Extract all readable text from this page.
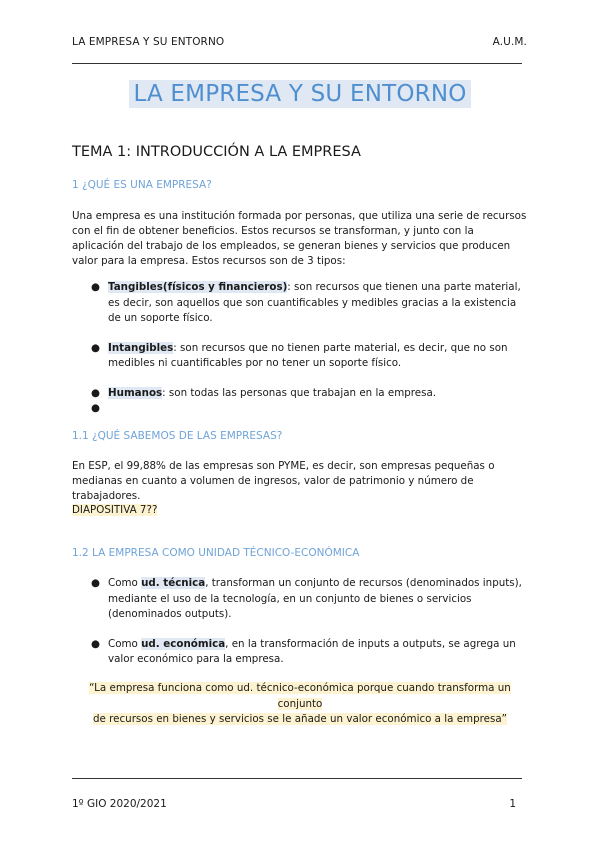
LA EMPRESA Y SU ENTORNO	A.U.M.
LA EMPRESA Y SU ENTORNO
TEMA 1: INTRODUCCIÓN A LA EMPRESA
1 ¿QUÉ ES UNA EMPRESA?
Una empresa es una institución formada por personas, que utiliza una serie de recursos con el fin de obtener beneficios. Estos recursos se transforman, y junto con la aplicación del trabajo de los empleados, se generan bienes y servicios que producen valor para la empresa. Estos recursos son de 3 tipos:
● Tangibles(físicos y financieros): son recursos que tienen una parte material, es decir, son aquellos que son cuantificables y medibles gracias a la existencia de un soporte físico.
● Intangibles: son recursos que no tienen parte material, es decir, que no son medibles ni cuantificables por no tener un soporte físico.
● Humanos: son todas las personas que trabajan en la empresa.
●

1.1 ¿QUÉ SABEMOS DE LAS EMPRESAS?
En ESP, el 99,88% de las empresas son PYME, es decir, son empresas pequeñas o medianas en cuanto a volumen de ingresos, valor de patrimonio y número de trabajadores.
DIAPOSITIVA 7??
1.2 LA EMPRESA COMO UNIDAD TÉCNICO-ECONÓMICA
● Como ud. técnica, transforman un conjunto de recursos (denominados inputs), mediante el uso de la tecnología, en un conjunto de bienes o servicios (denominados outputs).
● Como ud. económica, en la transformación de inputs a outputs, se agrega un valor económico para la empresa.
“La empresa funciona como ud. técnico-económica porque cuando transforma un conjunto
de recursos en bienes y servicios se le añade un valor económico a la empresa”
1º GIO 2020/2021	1
